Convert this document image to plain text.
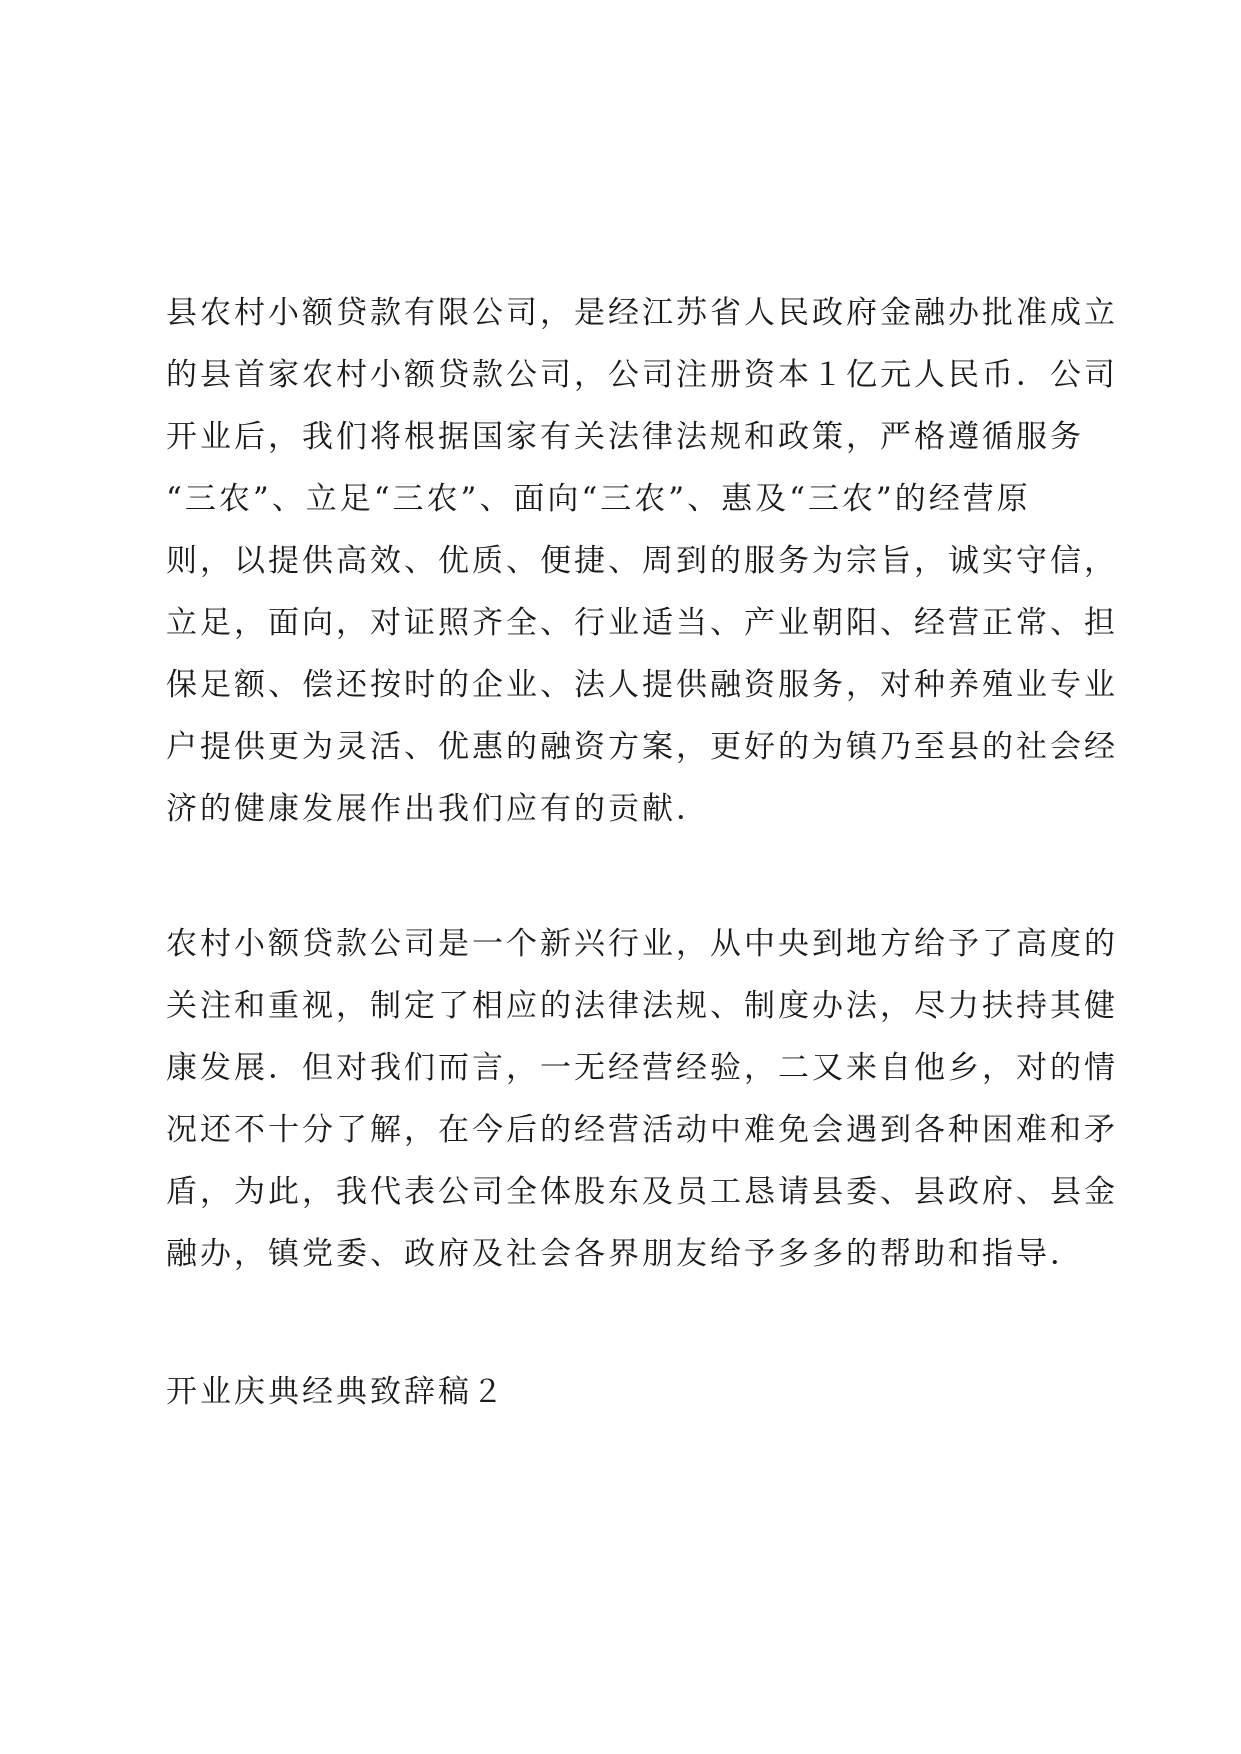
县农村小额贷款有限公司，是经江苏省人民政府金融办批准成立
的县首家农村小额贷款公司，公司注册资本１亿元人民币．公司
开业后，我们将根据国家有关法律法规和政策，严格遵循服务
“三农”、立足“三农”、面向“三农”、惠及“三农”的经营原
则，以提供高效、优质、便捷、周到的服务为宗旨，诚实守信，
立足，面向，对证照齐全、行业适当、产业朝阳、经营正常、担
保足额、偿还按时的企业、法人提供融资服务，对种养殖业专业
户提供更为灵活、优惠的融资方案，更好的为镇乃至县的社会经
济的健康发展作出我们应有的贡献．

农村小额贷款公司是一个新兴行业，从中央到地方给予了高度的
关注和重视，制定了相应的法律法规、制度办法，尽力扶持其健
康发展．但对我们而言，一无经营经验，二又来自他乡，对的情
况还不十分了解，在今后的经营活动中难免会遇到各种困难和矛
盾，为此，我代表公司全体股东及员工恳请县委、县政府、县金
融办，镇党委、政府及社会各界朋友给予多多的帮助和指导．

开业庆典经典致辞稿２
